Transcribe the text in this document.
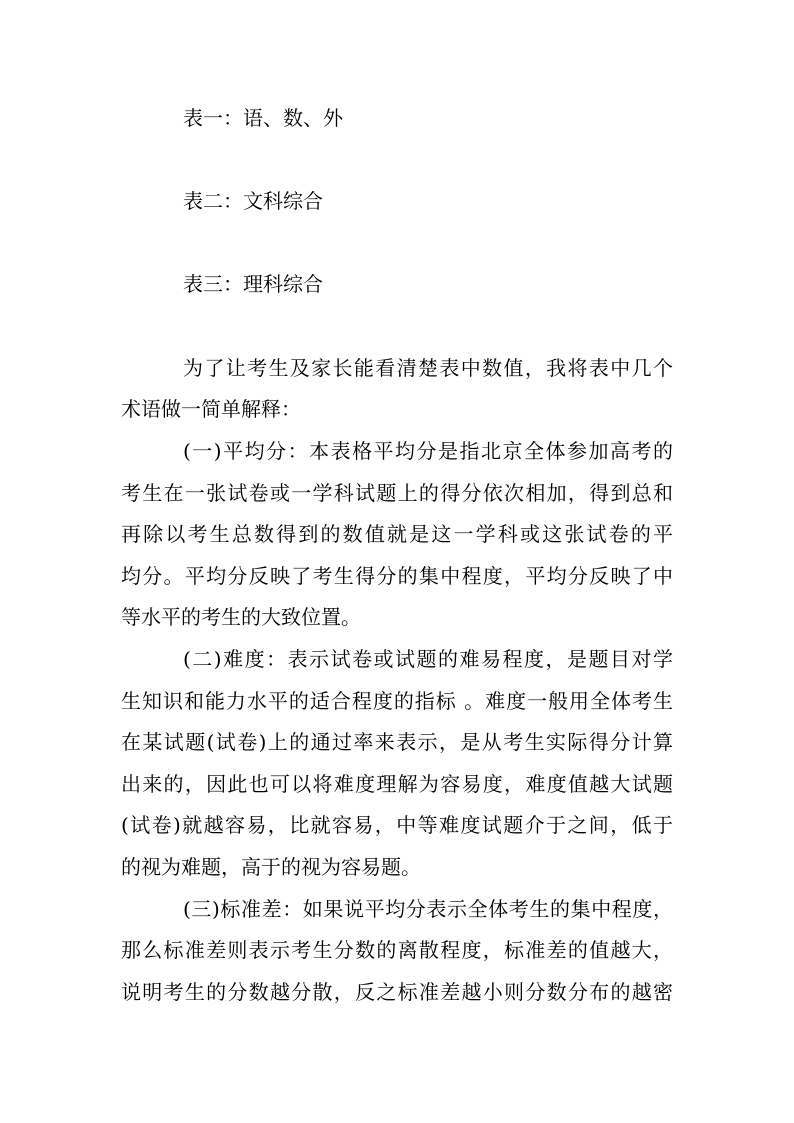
表一：语、数、外
表二：文科综合
表三：理科综合
为了让考生及家长能看清楚表中数值，我将表中几个
术语做一简单解释：
(一)平均分：本表格平均分是指北京全体参加高考的
考生在一张试卷或一学科试题上的得分依次相加，得到总和
再除以考生总数得到的数值就是这一学科或这张试卷的平
均分。平均分反映了考生得分的集中程度，平均分反映了中
等水平的考生的大致位置。
(二)难度：表示试卷或试题的难易程度，是题目对学
生知识和能力水平的适合程度的指标 。难度一般用全体考生
在某试题(试卷)上的通过率来表示，是从考生实际得分计算
出来的，因此也可以将难度理解为容易度，难度值越大试题
(试卷)就越容易，比就容易，中等难度试题介于之间，低于
的视为难题，高于的视为容易题。
(三)标准差：如果说平均分表示全体考生的集中程度，
那么标准差则表示考生分数的离散程度，标准差的值越大，
说明考生的分数越分散，反之标准差越小则分数分布的越密
